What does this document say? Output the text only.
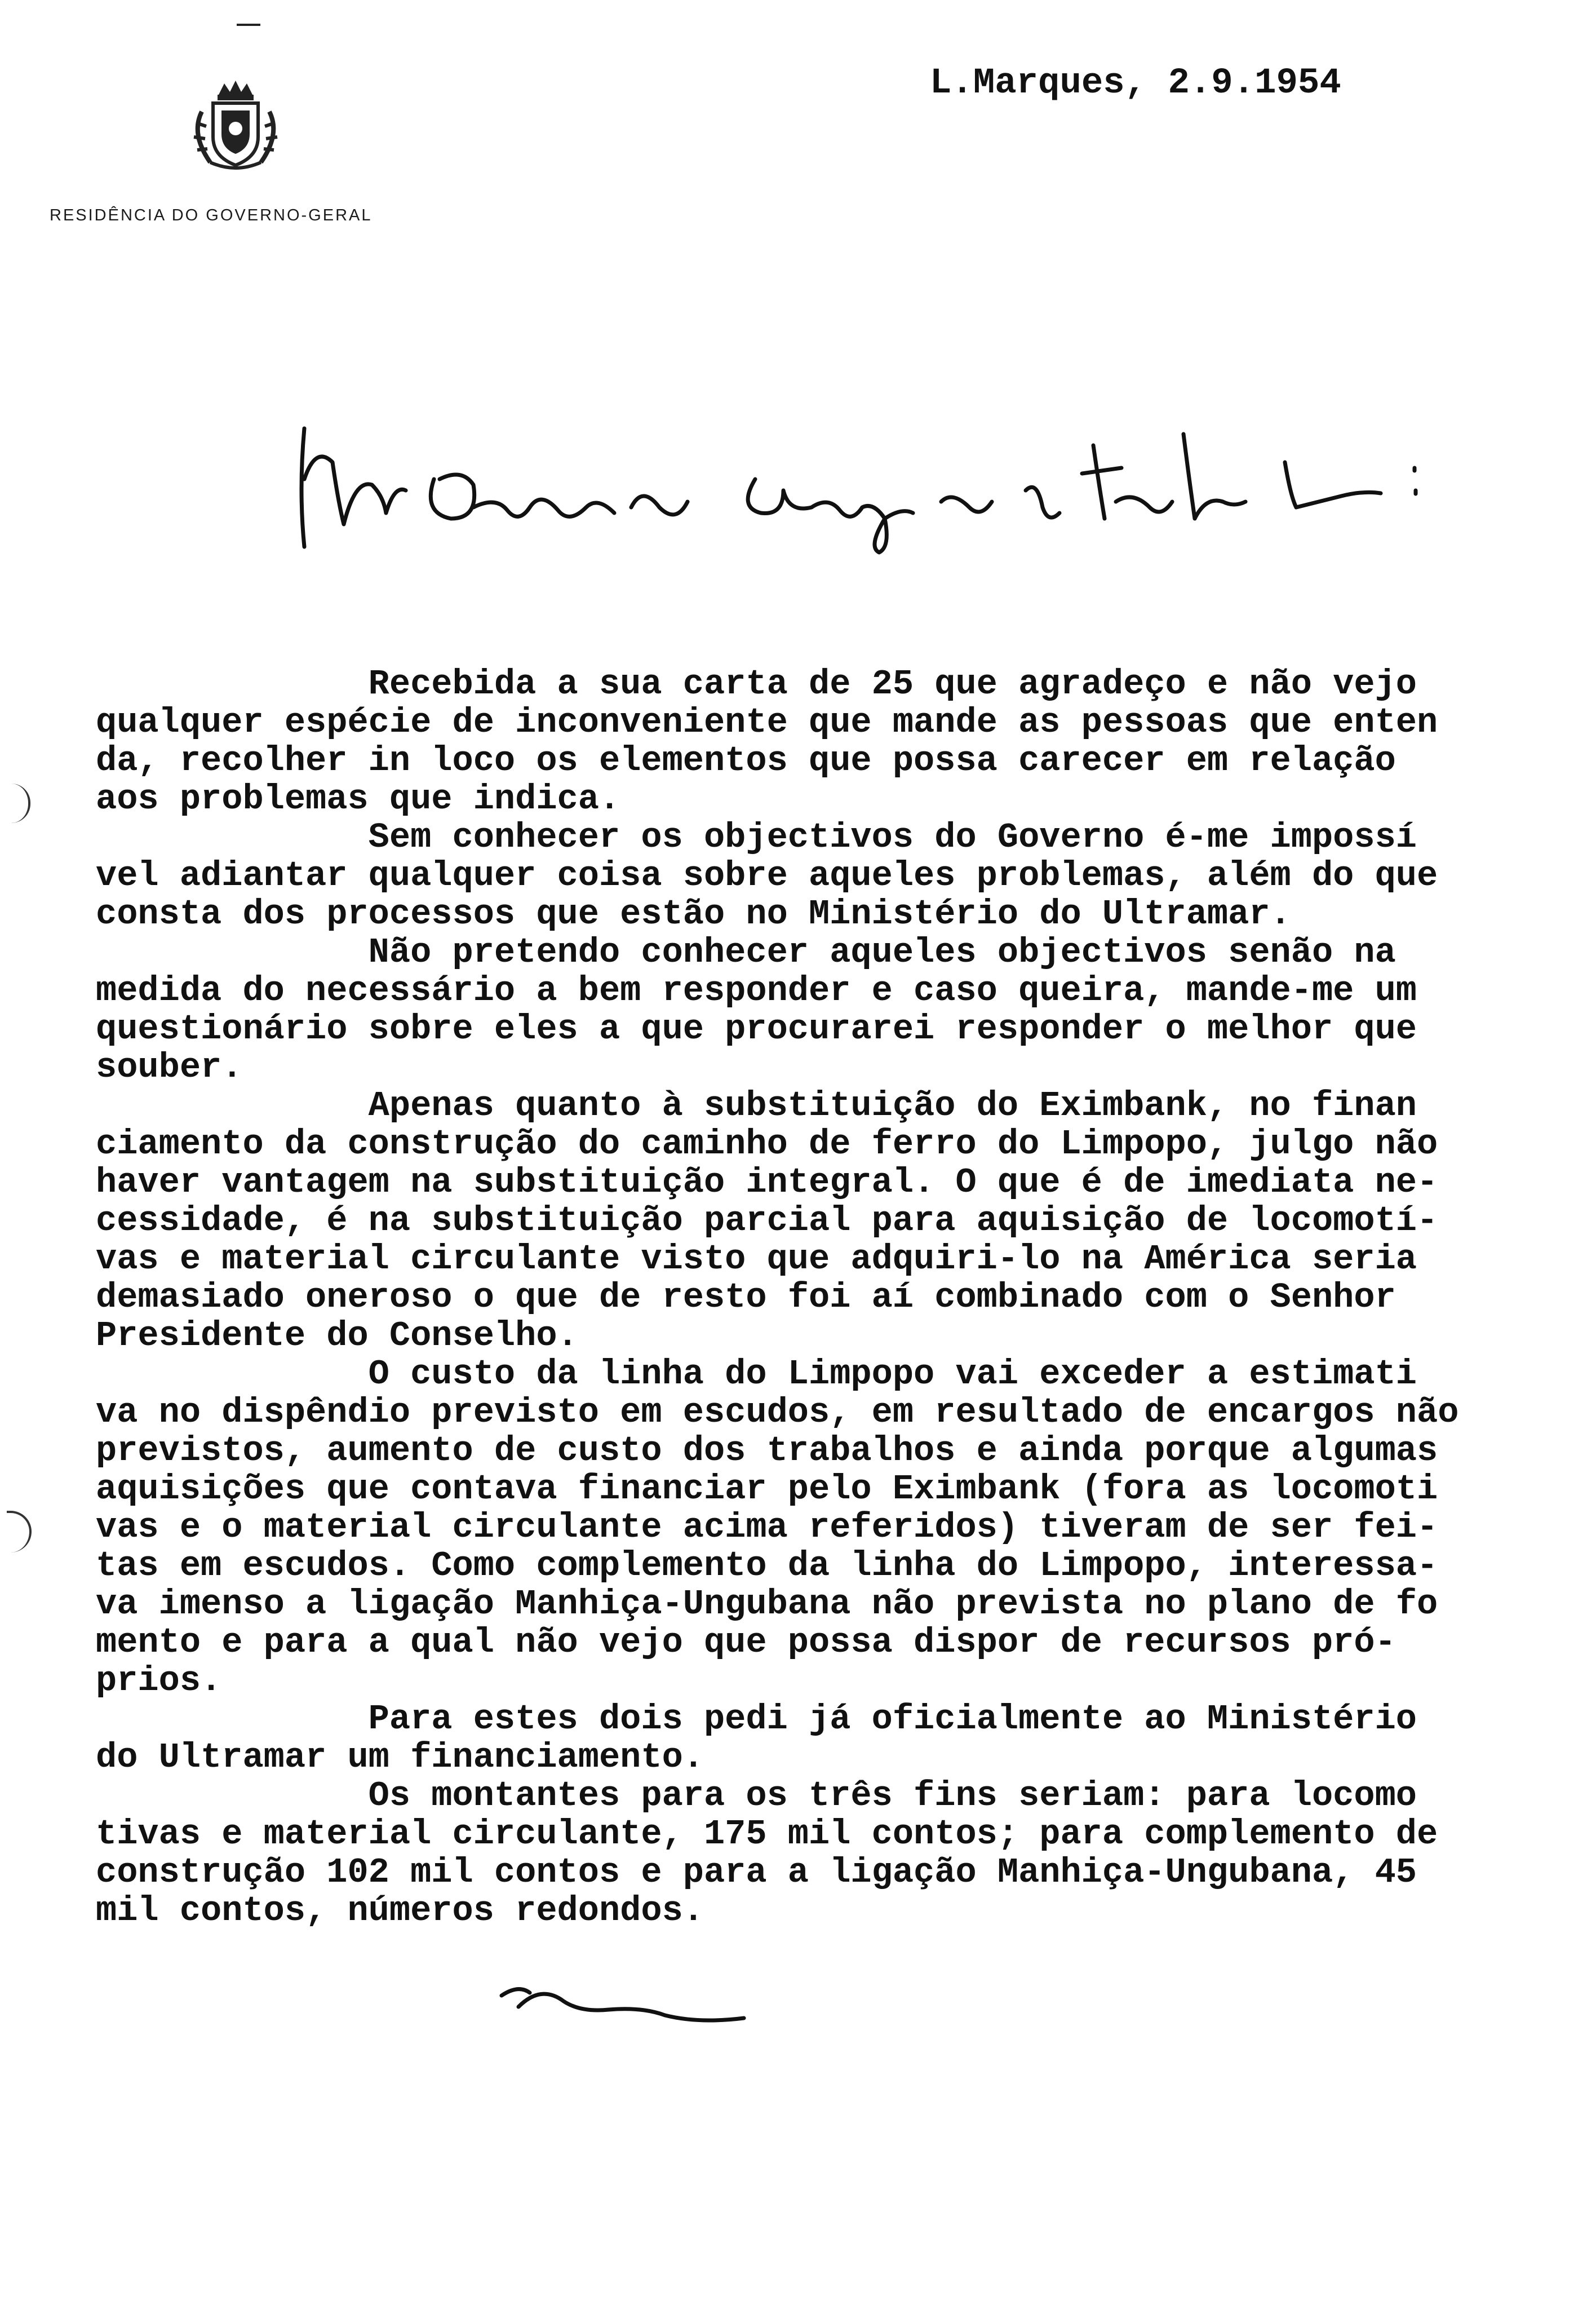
RESIDÊNCIA DO GOVERNO-GERAL
L.Marques, 2.9.1954
Recebida a sua carta de 25 que agradeço e não vejo
qualquer espécie de inconveniente que mande as pessoas que enten
da, recolher in loco os elementos que possa carecer em relação
aos problemas que indica.
Sem conhecer os objectivos do Governo é-me impossí
vel adiantar qualquer coisa sobre aqueles problemas, além do que
consta dos processos que estão no Ministério do Ultramar.
Não pretendo conhecer aqueles objectivos senão na
medida do necessário a bem responder e caso queira, mande-me um
questionário sobre eles a que procurarei responder o melhor que
souber.
Apenas quanto à substituição do Eximbank, no finan
ciamento da construção do caminho de ferro do Limpopo, julgo não
haver vantagem na substituição integral. O que é de imediata ne-
cessidade, é na substituição parcial para aquisição de locomotí-
vas e material circulante visto que adquiri-lo na América seria
demasiado oneroso o que de resto foi aí combinado com o Senhor
Presidente do Conselho.
O custo da linha do Limpopo vai exceder a estimati
va no dispêndio previsto em escudos, em resultado de encargos não
previstos, aumento de custo dos trabalhos e ainda porque algumas
aquisições que contava financiar pelo Eximbank (fora as locomoti
vas e o material circulante acima referidos) tiveram de ser fei-
tas em escudos. Como complemento da linha do Limpopo, interessa-
va imenso a ligação Manhiça-Ungubana não prevista no plano de fo
mento e para a qual não vejo que possa dispor de recursos pró-
prios.
Para estes dois pedi já oficialmente ao Ministério
do Ultramar um financiamento.
Os montantes para os três fins seriam: para locomo
tivas e material circulante, 175 mil contos; para complemento de
construção 102 mil contos e para a ligação Manhiça-Ungubana, 45
mil contos, números redondos.
